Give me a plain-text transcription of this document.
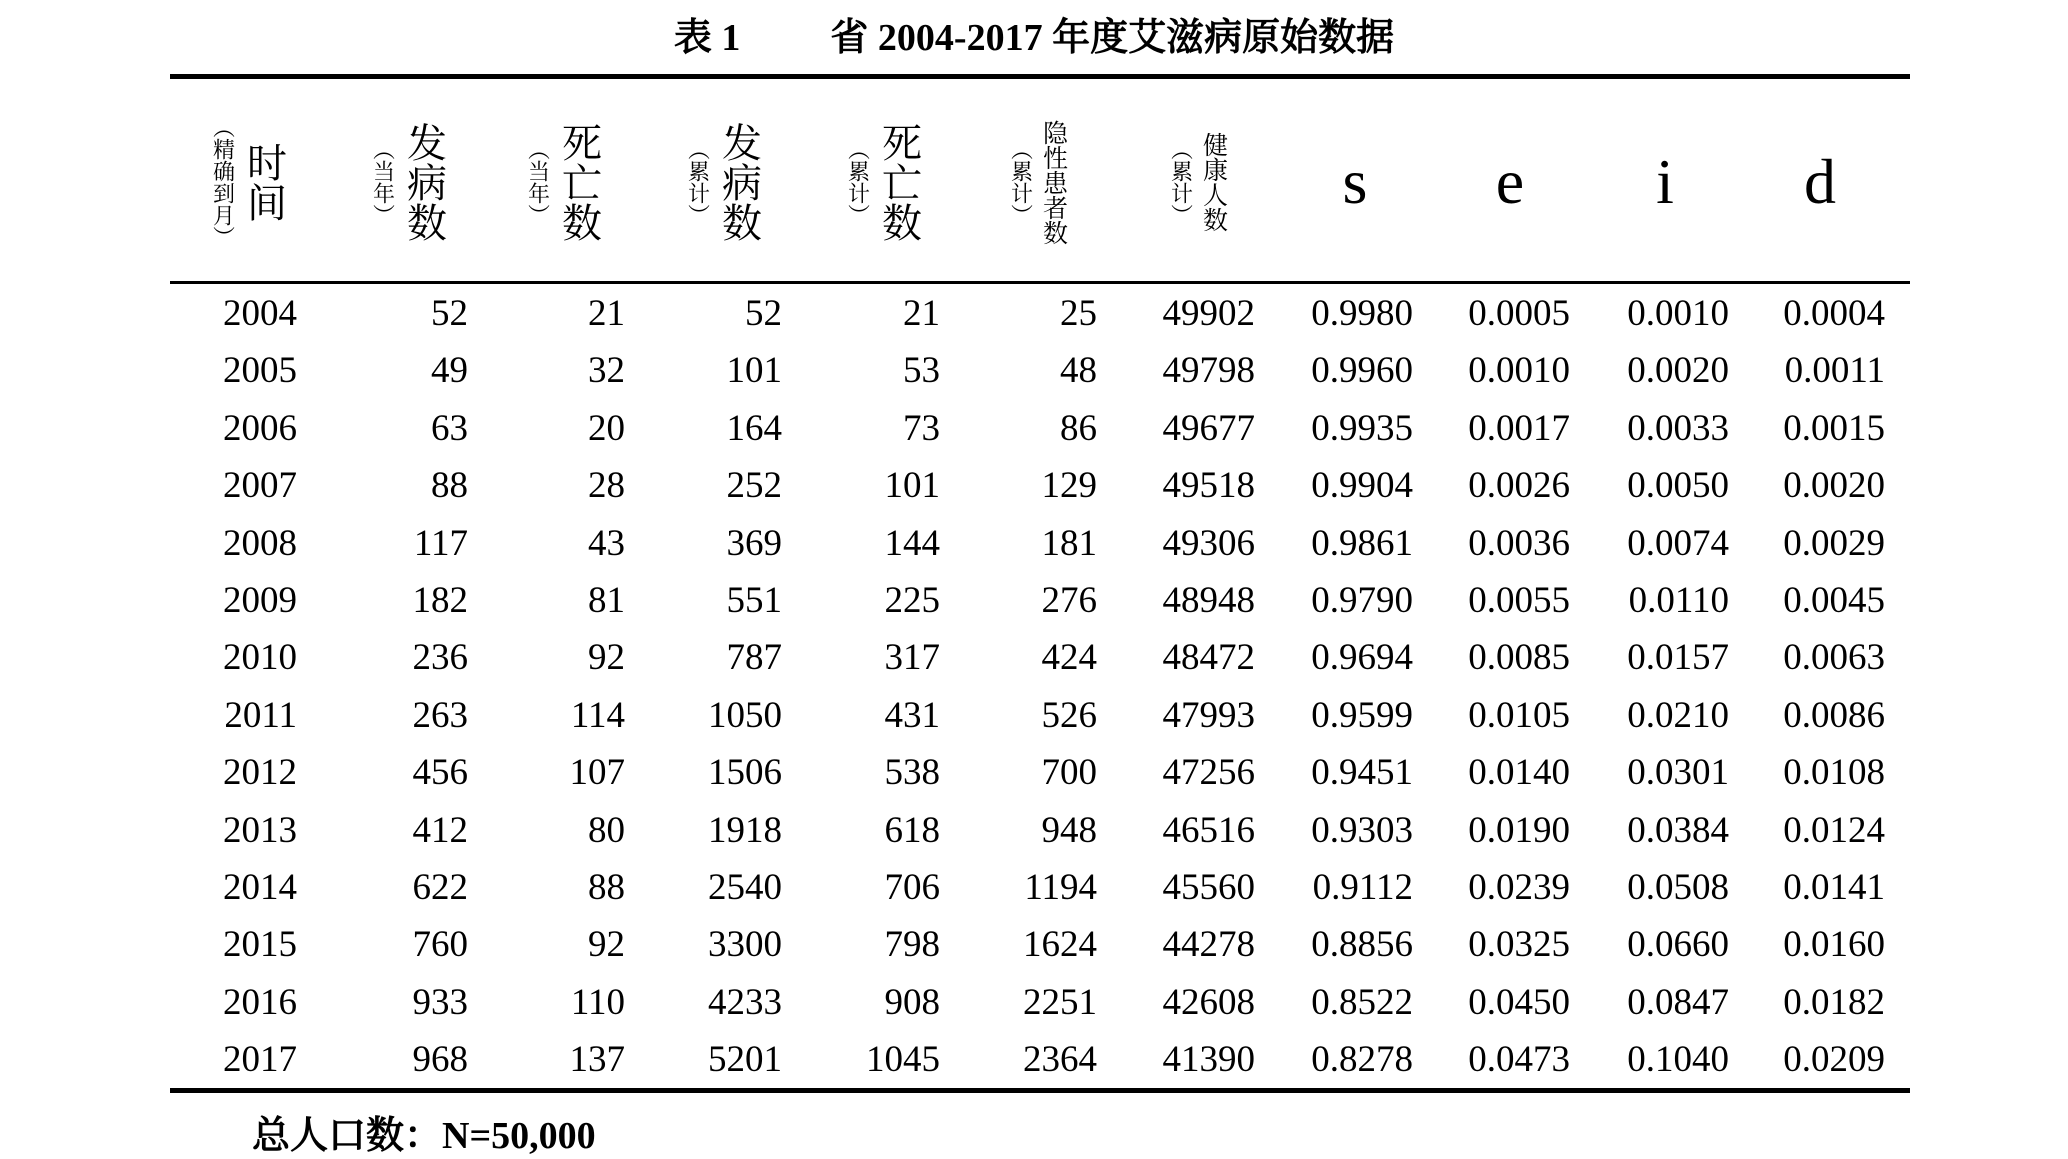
表 1 省 2004-2017 年度艾滋病原始数据
（精确到月） 时间	（当年） 发病数	（当年） 死亡数	（累计） 发病数	（累计） 死亡数	（累计） 隐性患者数	（累计） 健康人数 s e i d
2004	52	21	52	21	25 49902 0.9980 0.0005 0.0010 0.0004
2005	49	32	101	53	48 49798 0.9960 0.0010 0.0020 0.0011
2006	63	20	164	73	86 49677 0.9935 0.0017 0.0033 0.0015
2007	88	28	252	101	129 49518 0.9904 0.0026 0.0050 0.0020
2008	117	43	369	144	181 49306 0.9861 0.0036 0.0074 0.0029
2009	182	81	551	225	276 48948 0.9790 0.0055 0.0110 0.0045
2010	236	92	787	317	424 48472 0.9694 0.0085 0.0157 0.0063
2011	263	114 1050	431	526 47993 0.9599 0.0105 0.0210 0.0086
2012	456	107 1506	538	700 47256 0.9451 0.0140 0.0301 0.0108
2013	412	80 1918	618	948 46516 0.9303 0.0190 0.0384 0.0124
2014	622	88 2540	706 1194 45560 0.9112 0.0239 0.0508 0.0141
2015	760	92 3300	798 1624 44278 0.8856 0.0325 0.0660 0.0160
2016	933	110 4233	908 2251 42608 0.8522 0.0450 0.0847 0.0182
2017	968	137 5201 1045 2364 41390 0.8278 0.0473 0.1040 0.0209
总人口数：N=50,000
